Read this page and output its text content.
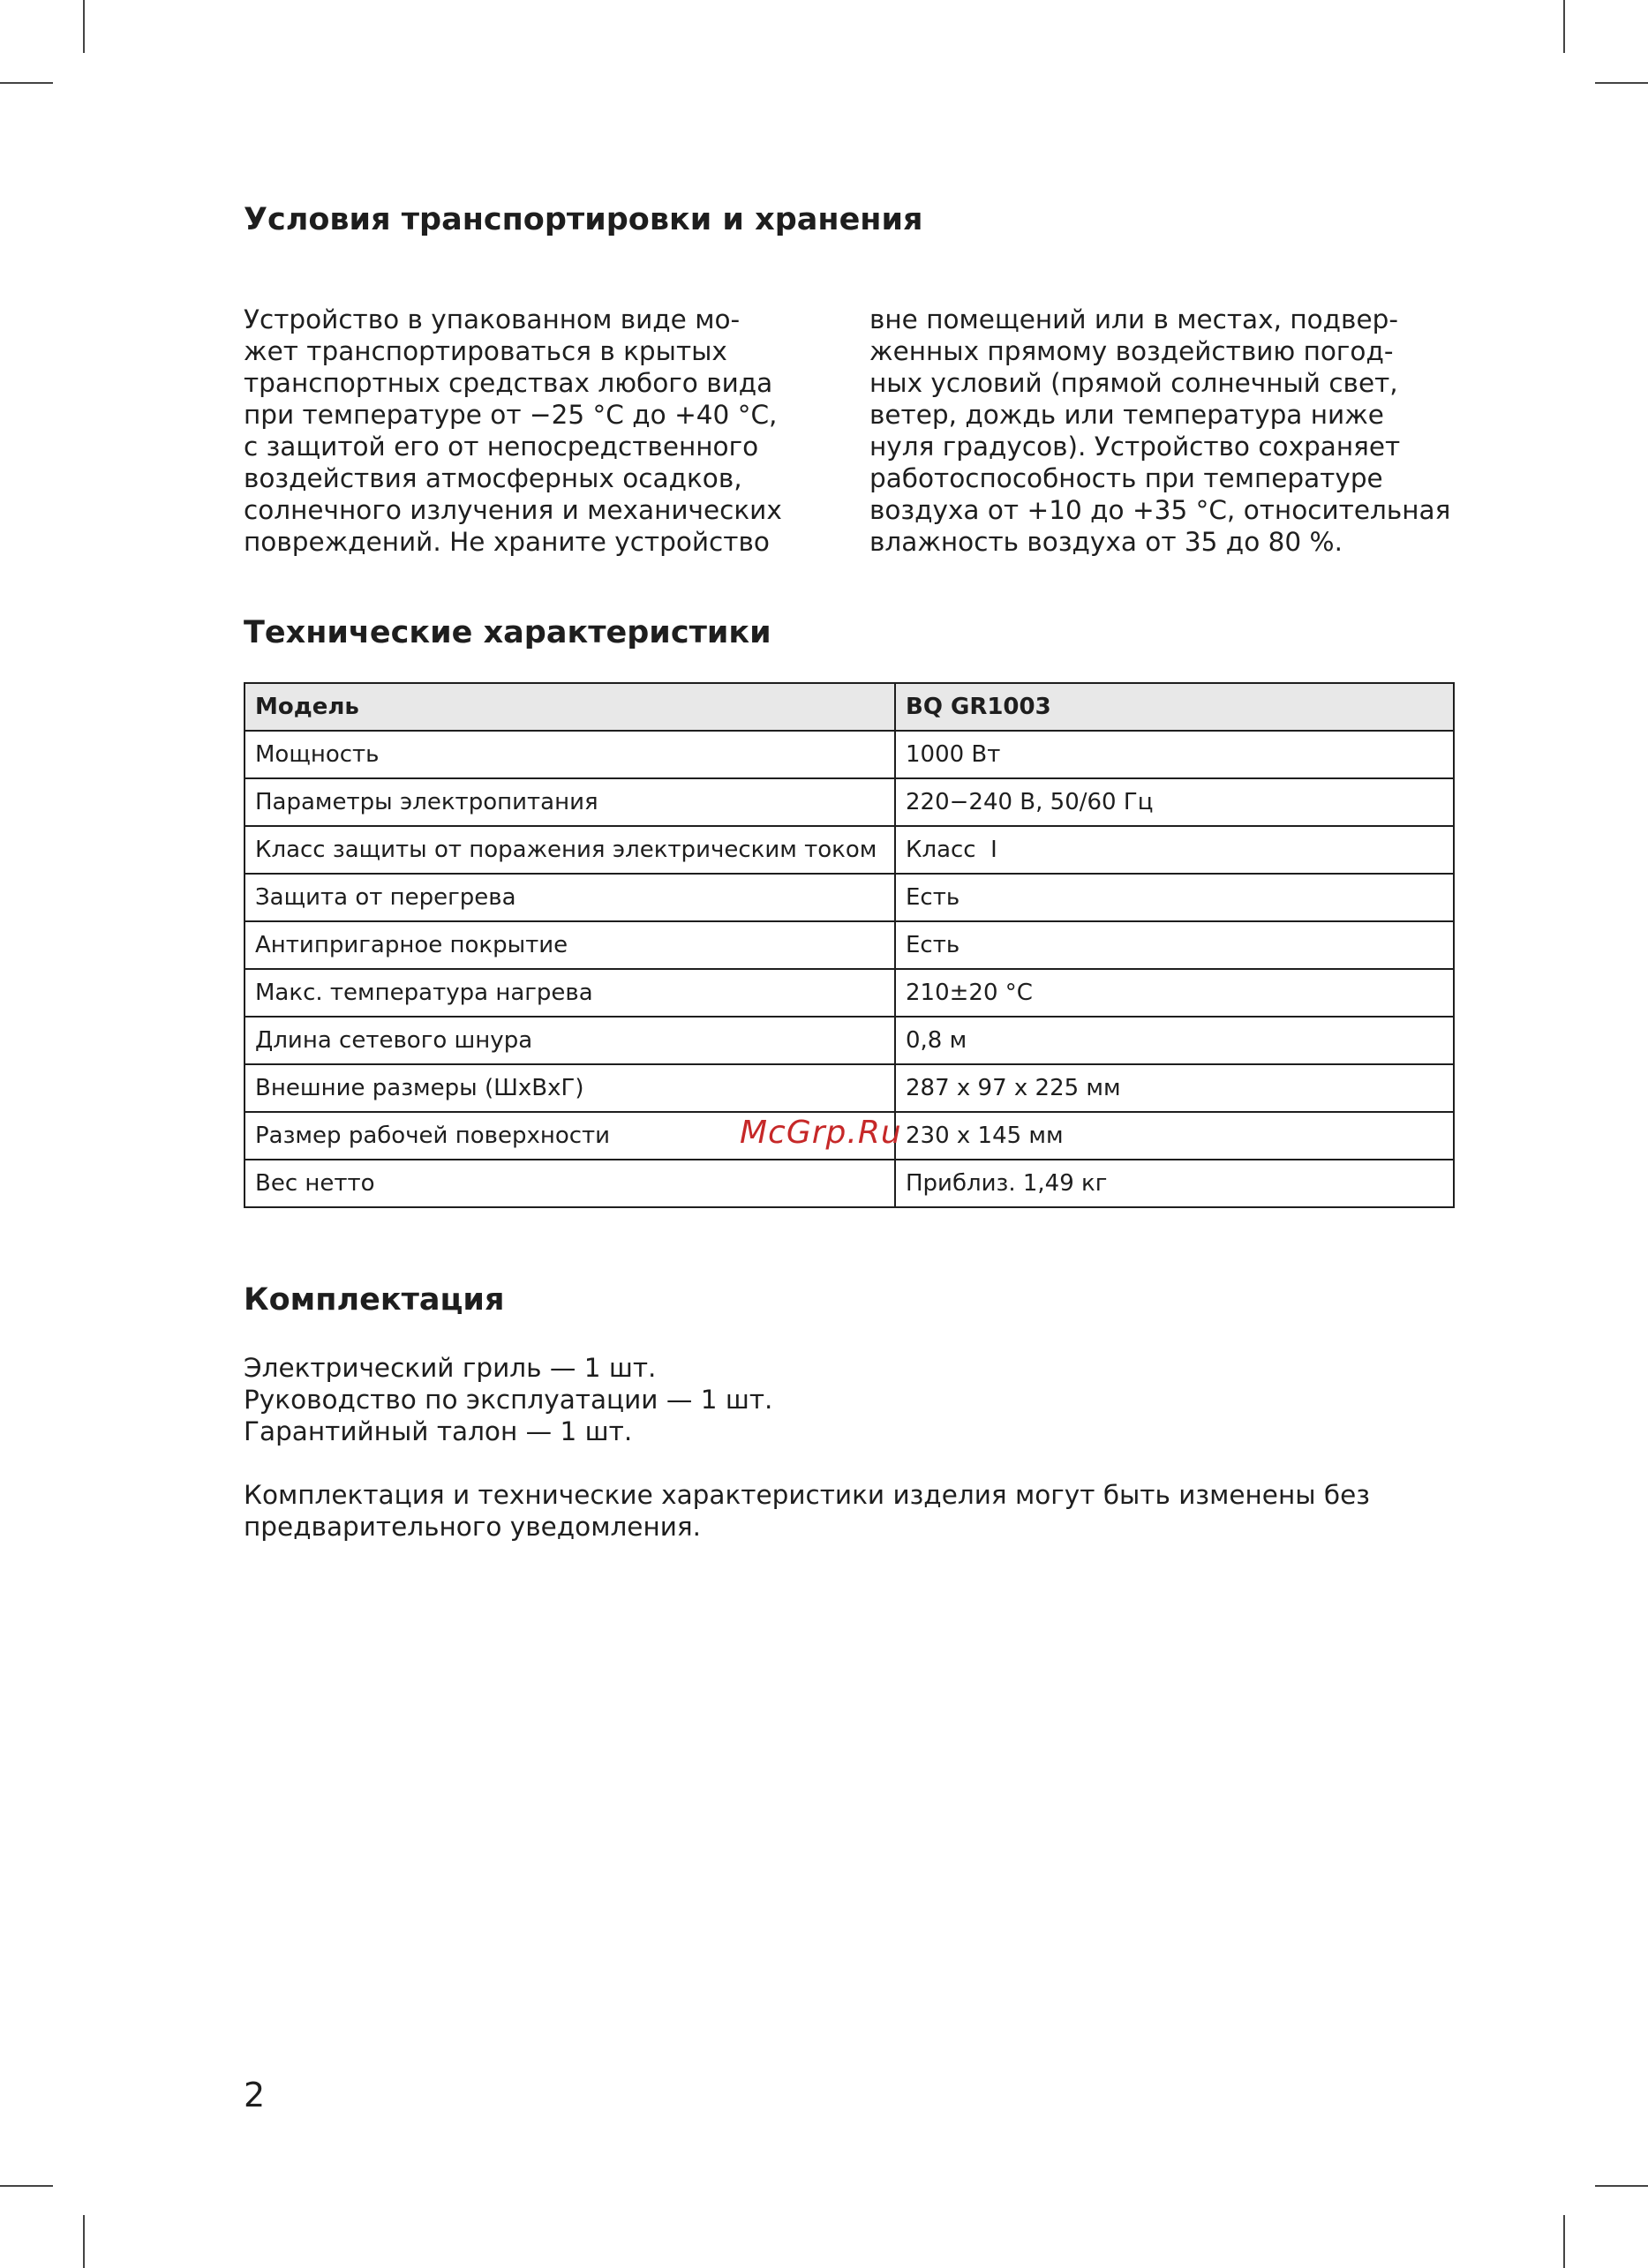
Условия транспортировки и хранения

Устройство в упакованном виде мо-
жет транспортироваться в крытых
транспортных средствах любого вида
при температуре от −25 °C до +40 °C,
с защитой его от непосредственного
воздействия атмосферных осадков,
солнечного излучения и механических
повреждений. Не храните устройство

вне помещений или в местах, подвер-
женных прямому воздействию погод-
ных условий (прямой солнечный свет,
ветер, дождь или температура ниже
нуля градусов). Устройство сохраняет
работоспособность при температуре
воздуха от +10 до +35 °C, относительная
влажность воздуха от 35 до 80 %.

Технические характеристики
Модель	BQ GR1003
Мощность	1000 Вт
Параметры электропитания	220−240 В, 50/60 Гц
Класс защиты от поражения электрическим током	Класс  I
Защита от перегрева	Есть
Антипригарное покрытие	Есть
Макс. температура нагрева	210±20 °C
Длина сетевого шнура	0,8 м
Внешние размеры (ШxВxГ)	287 x 97 x 225 мм
Размер рабочей поверхности	230 x 145 мм
Вес нетто	Приблиз. 1,49 кг
McGrp.Ru
Комплектация

Электрический гриль — 1 шт.
Руководство по эксплуатации — 1 шт.
Гарантийный талон — 1 шт.

Комплектация и технические характеристики изделия могут быть изменены без
предварительного уведомления.

2
